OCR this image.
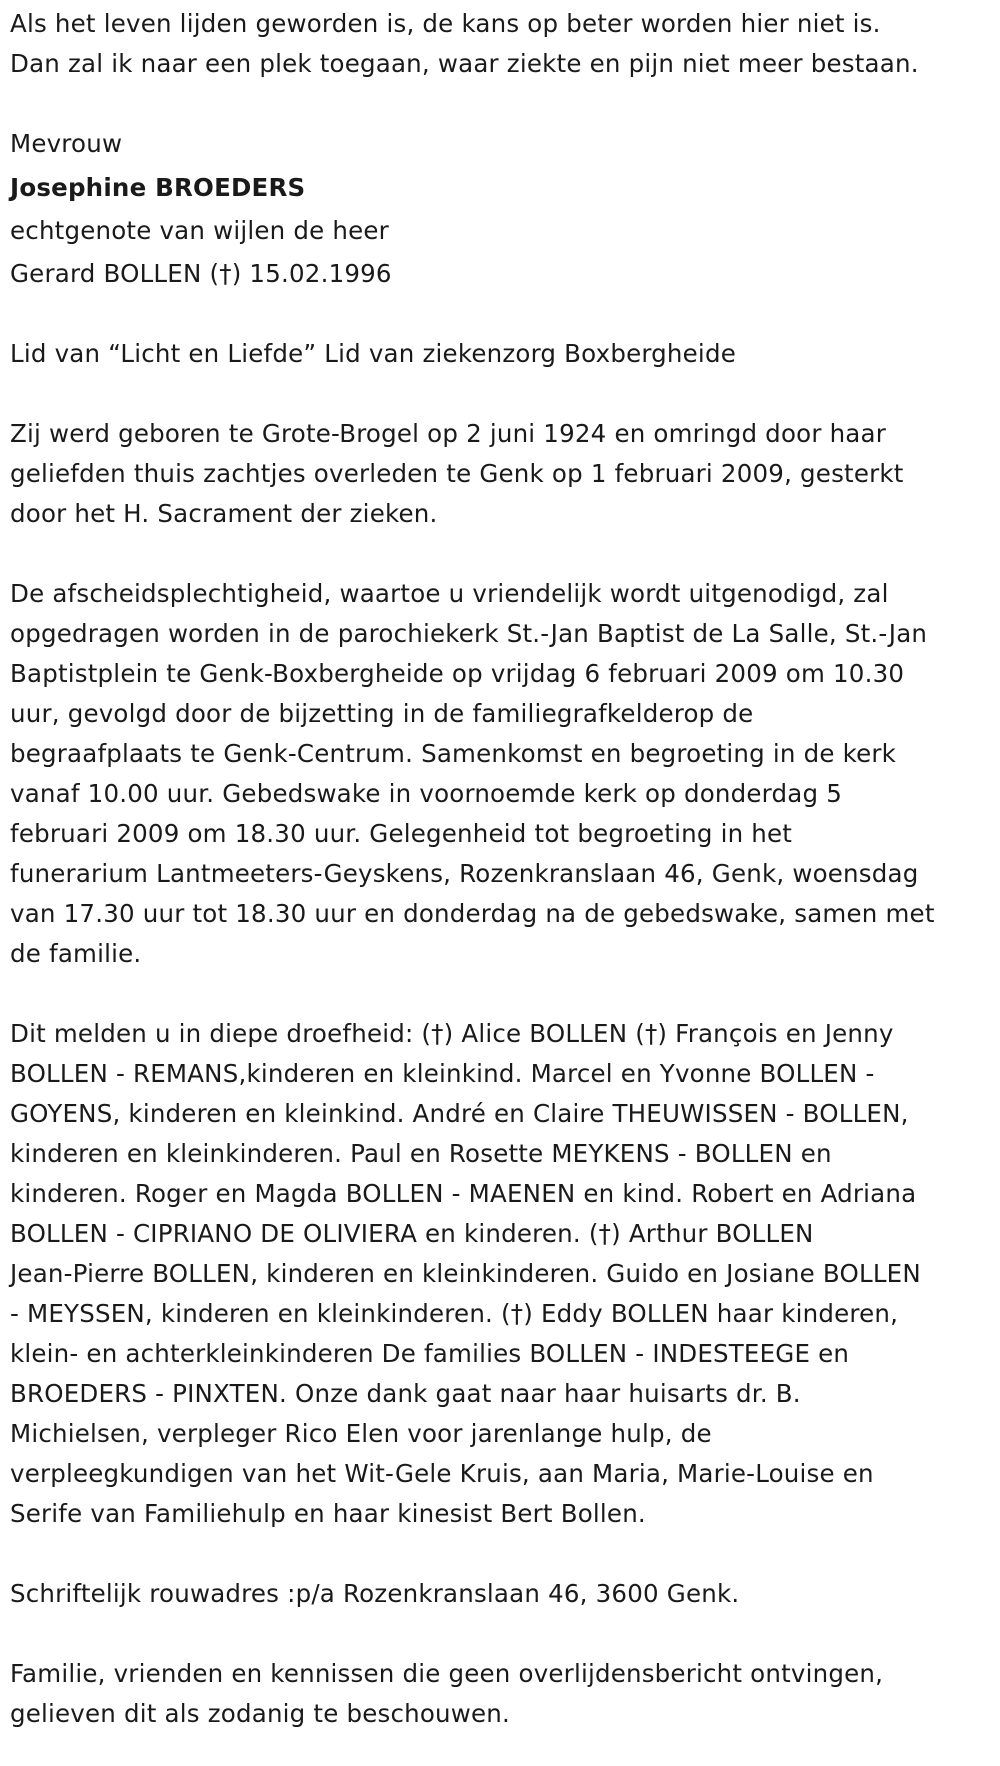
Als het leven lijden geworden is, de kans op beter worden hier niet is.
Dan zal ik naar een plek toegaan, waar ziekte en pijn niet meer bestaan.
Mevrouw
Josephine BROEDERS
echtgenote van wijlen de heer
Gerard BOLLEN (†) 15.02.1996
Lid van “Licht en Liefde” Lid van ziekenzorg Boxbergheide
Zij werd geboren te Grote-Brogel op 2 juni 1924 en omringd door haar
geliefden thuis zachtjes overleden te Genk op 1 februari 2009, gesterkt
door het H. Sacrament der zieken.
De afscheidsplechtigheid, waartoe u vriendelijk wordt uitgenodigd, zal
opgedragen worden in de parochiekerk St.-Jan Baptist de La Salle, St.-Jan
Baptistplein te Genk-Boxbergheide op vrijdag 6 februari 2009 om 10.30
uur, gevolgd door de bijzetting in de familiegrafkelderop de
begraafplaats te Genk-Centrum. Samenkomst en begroeting in de kerk
vanaf 10.00 uur. Gebedswake in voornoemde kerk op donderdag 5
februari 2009 om 18.30 uur. Gelegenheid tot begroeting in het
funerarium Lantmeeters-Geyskens, Rozenkranslaan 46, Genk, woensdag
van 17.30 uur tot 18.30 uur en donderdag na de gebedswake, samen met
de familie.
Dit melden u in diepe droefheid: (†) Alice BOLLEN (†) François en Jenny
BOLLEN - REMANS,kinderen en kleinkind. Marcel en Yvonne BOLLEN -
GOYENS, kinderen en kleinkind. André en Claire THEUWISSEN - BOLLEN,
kinderen en kleinkinderen. Paul en Rosette MEYKENS - BOLLEN en
kinderen. Roger en Magda BOLLEN - MAENEN en kind. Robert en Adriana
BOLLEN - CIPRIANO DE OLIVIERA en kinderen. (†) Arthur BOLLEN
Jean-Pierre BOLLEN, kinderen en kleinkinderen. Guido en Josiane BOLLEN
- MEYSSEN, kinderen en kleinkinderen. (†) Eddy BOLLEN haar kinderen,
klein- en achterkleinkinderen De families BOLLEN - INDESTEEGE en
BROEDERS - PINXTEN. Onze dank gaat naar haar huisarts dr. B.
Michielsen, verpleger Rico Elen voor jarenlange hulp, de
verpleegkundigen van het Wit-Gele Kruis, aan Maria, Marie-Louise en
Serife van Familiehulp en haar kinesist Bert Bollen.
Schriftelijk rouwadres :p/a Rozenkranslaan 46, 3600 Genk.
Familie, vrienden en kennissen die geen overlijdensbericht ontvingen,
gelieven dit als zodanig te beschouwen.
